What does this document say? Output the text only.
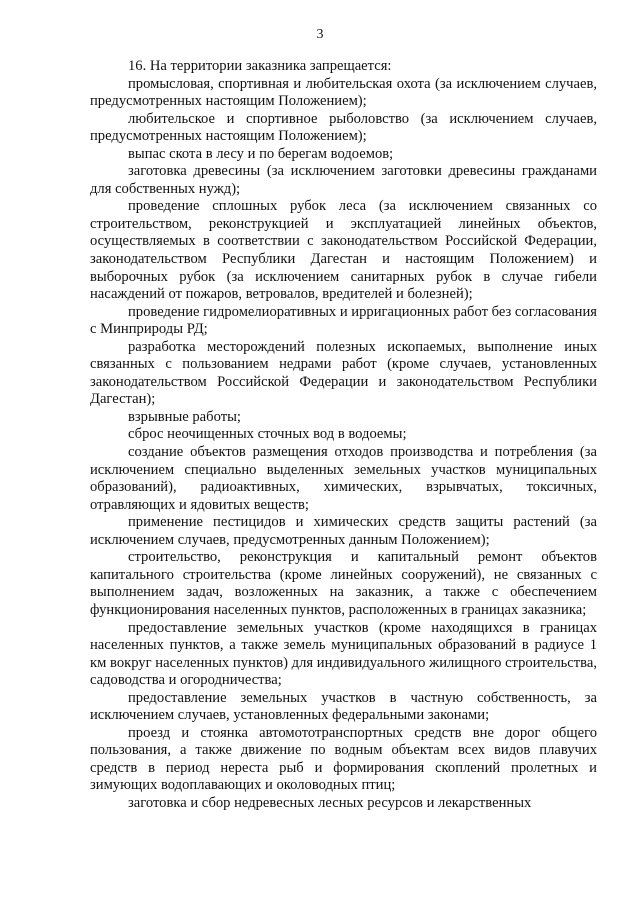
3

16. На территории заказника запрещается:

промысловая, спортивная и любительская охота (за исключением случаев, предусмотренных настоящим Положением);

любительское и спортивное рыболовство (за исключением случаев, предусмотренных настоящим Положением);

выпас скота в лесу и по берегам водоемов;

заготовка древесины (за исключением заготовки древесины гражданами для собственных нужд);

проведение сплошных рубок леса (за исключением связанных со строительством, реконструкцией и эксплуатацией линейных объектов, осуществляемых в соответствии с законодательством Российской Федерации, законодательством Республики Дагестан и настоящим Положением) и выборочных рубок (за исключением санитарных рубок в случае гибели насаждений от пожаров, ветровалов, вредителей и болезней);

проведение гидромелиоративных и ирригационных работ без согласования с Минприроды РД;

разработка месторождений полезных ископаемых, выполнение иных связанных с пользованием недрами работ (кроме случаев, установленных законодательством Российской Федерации и законодательством Республики Дагестан);

взрывные работы;

сброс неочищенных сточных вод в водоемы;

создание объектов размещения отходов производства и потребления (за исключением специально выделенных земельных участков муниципальных образований), радиоактивных, химических, взрывчатых, токсичных, отравляющих и ядовитых веществ;

применение пестицидов и химических средств защиты растений (за исключением случаев, предусмотренных данным Положением);

строительство, реконструкция и капитальный ремонт объектов капитального строительства (кроме линейных сооружений), не связанных с выполнением задач, возложенных на заказник, а также с обеспечением функционирования населенных пунктов, расположенных в границах заказника;

предоставление земельных участков (кроме находящихся в границах населенных пунктов, а также земель муниципальных образований в радиусе 1 км вокруг населенных пунктов) для индивидуального жилищного строительства, садоводства и огородничества;

предоставление земельных участков в частную собственность, за исключением случаев, установленных федеральными законами;

проезд и стоянка автомототранспортных средств вне дорог общего пользования, а также движение по водным объектам всех видов плавучих средств в период нереста рыб и формирования скоплений пролетных и зимующих водоплавающих и околоводных птиц;

заготовка и сбор недревесных лесных ресурсов и лекарственных
